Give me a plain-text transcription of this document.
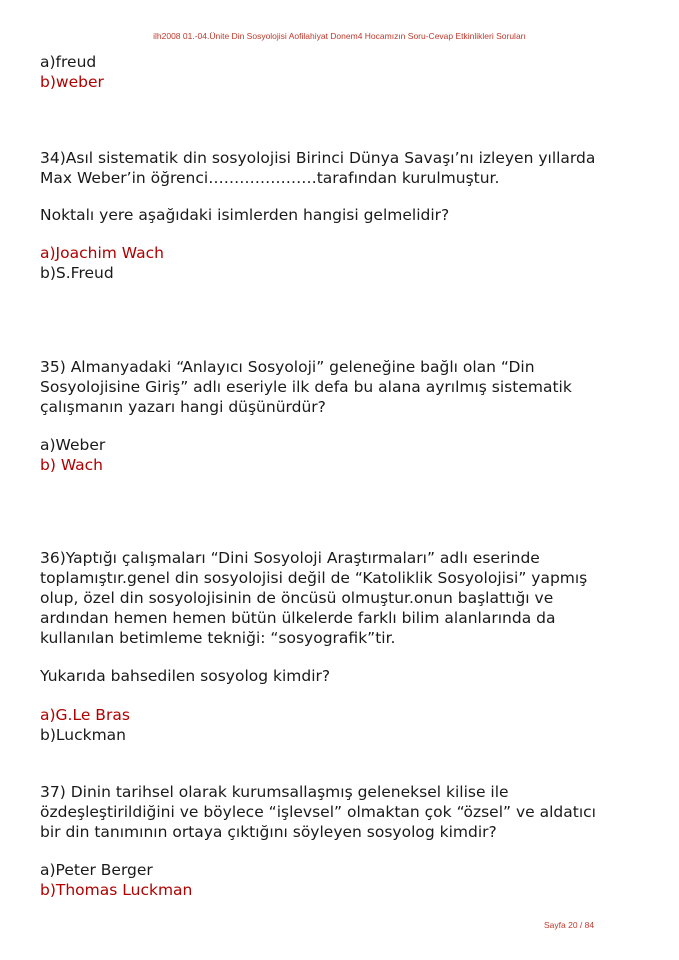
ilh2008 01.-04.Ünite Din Sosyolojisi Aofilahiyat Donem4 Hocamızın Soru-Cevap Etkinlikleri Soruları
a)freud
b)weber
34)Asıl sistematik din sosyolojisi Birinci Dünya Savaşı’nı izleyen yıllarda
Max Weber’in öğrenci…………………tarafından kurulmuştur.
Noktalı yere aşağıdaki isimlerden hangisi gelmelidir?
a)Joachim Wach
b)S.Freud
35) Almanyadaki “Anlayıcı Sosyoloji” geleneğine bağlı olan “Din
Sosyolojisine Giriş” adlı eseriyle ilk defa bu alana ayrılmış sistematik
çalışmanın yazarı hangi düşünürdür?
a)Weber
b) Wach
36)Yaptığı çalışmaları “Dini Sosyoloji Araştırmaları” adlı eserinde
toplamıştır.genel din sosyolojisi değil de “Katoliklik Sosyolojisi” yapmış
olup, özel din sosyolojisinin de öncüsü olmuştur.onun başlattığı ve
ardından hemen hemen bütün ülkelerde farklı bilim alanlarında da
kullanılan betimleme tekniği: “sosyografik”tir.
Yukarıda bahsedilen sosyolog kimdir?
a)G.Le Bras
b)Luckman
37) Dinin tarihsel olarak kurumsallaşmış geleneksel kilise ile
özdeşleştirildiğini ve böylece “işlevsel” olmaktan çok “özsel” ve aldatıcı
bir din tanımının ortaya çıktığını söyleyen sosyolog kimdir?
a)Peter Berger
b)Thomas Luckman
Sayfa 20 / 84
